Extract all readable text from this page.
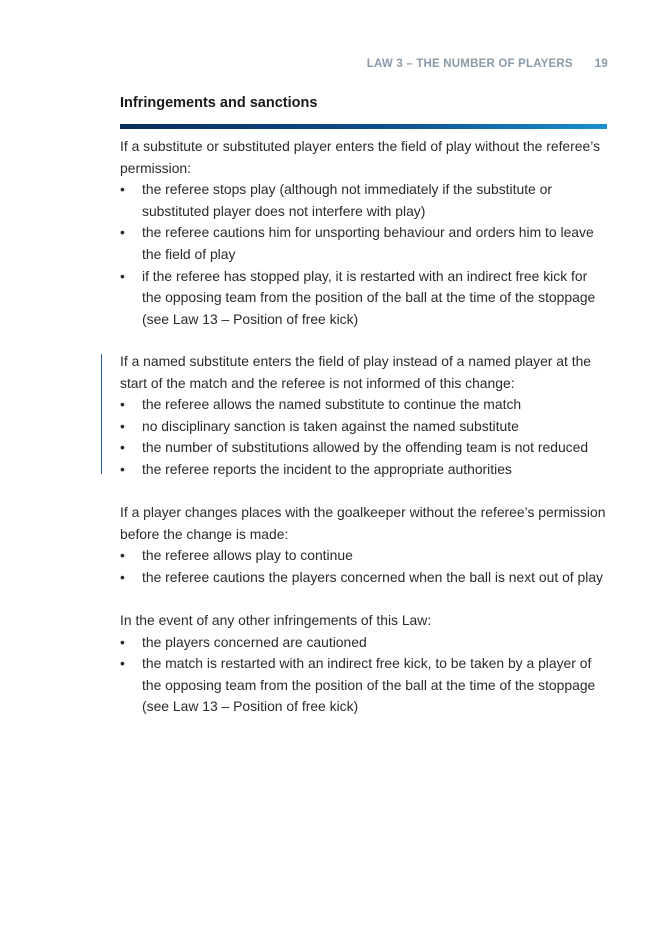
LAW 3 – THE NUMBER OF PLAYERS 19
Infringements and sanctions

If a substitute or substituted player enters the field of play without the referee’s permission:

• the referee stops play (although not immediately if the substitute or substituted player does not interfere with play)
• the referee cautions him for unsporting behaviour and orders him to leave the field of play
• if the referee has stopped play, it is restarted with an indirect free kick for the opposing team from the position of the ball at the time of the stoppage (see Law 13 – Position of free kick)

If a named substitute enters the field of play instead of a named player at the start of the match and the referee is not informed of this change:

• the referee allows the named substitute to continue the match
• no disciplinary sanction is taken against the named substitute
• the number of substitutions allowed by the offending team is not reduced
• the referee reports the incident to the appropriate authorities

If a player changes places with the goalkeeper without the referee’s permission before the change is made:

• the referee allows play to continue
• the referee cautions the players concerned when the ball is next out of play

In the event of any other infringements of this Law:

• the players concerned are cautioned
• the match is restarted with an indirect free kick, to be taken by a player of the opposing team from the position of the ball at the time of the stoppage (see Law 13 – Position of free kick)
